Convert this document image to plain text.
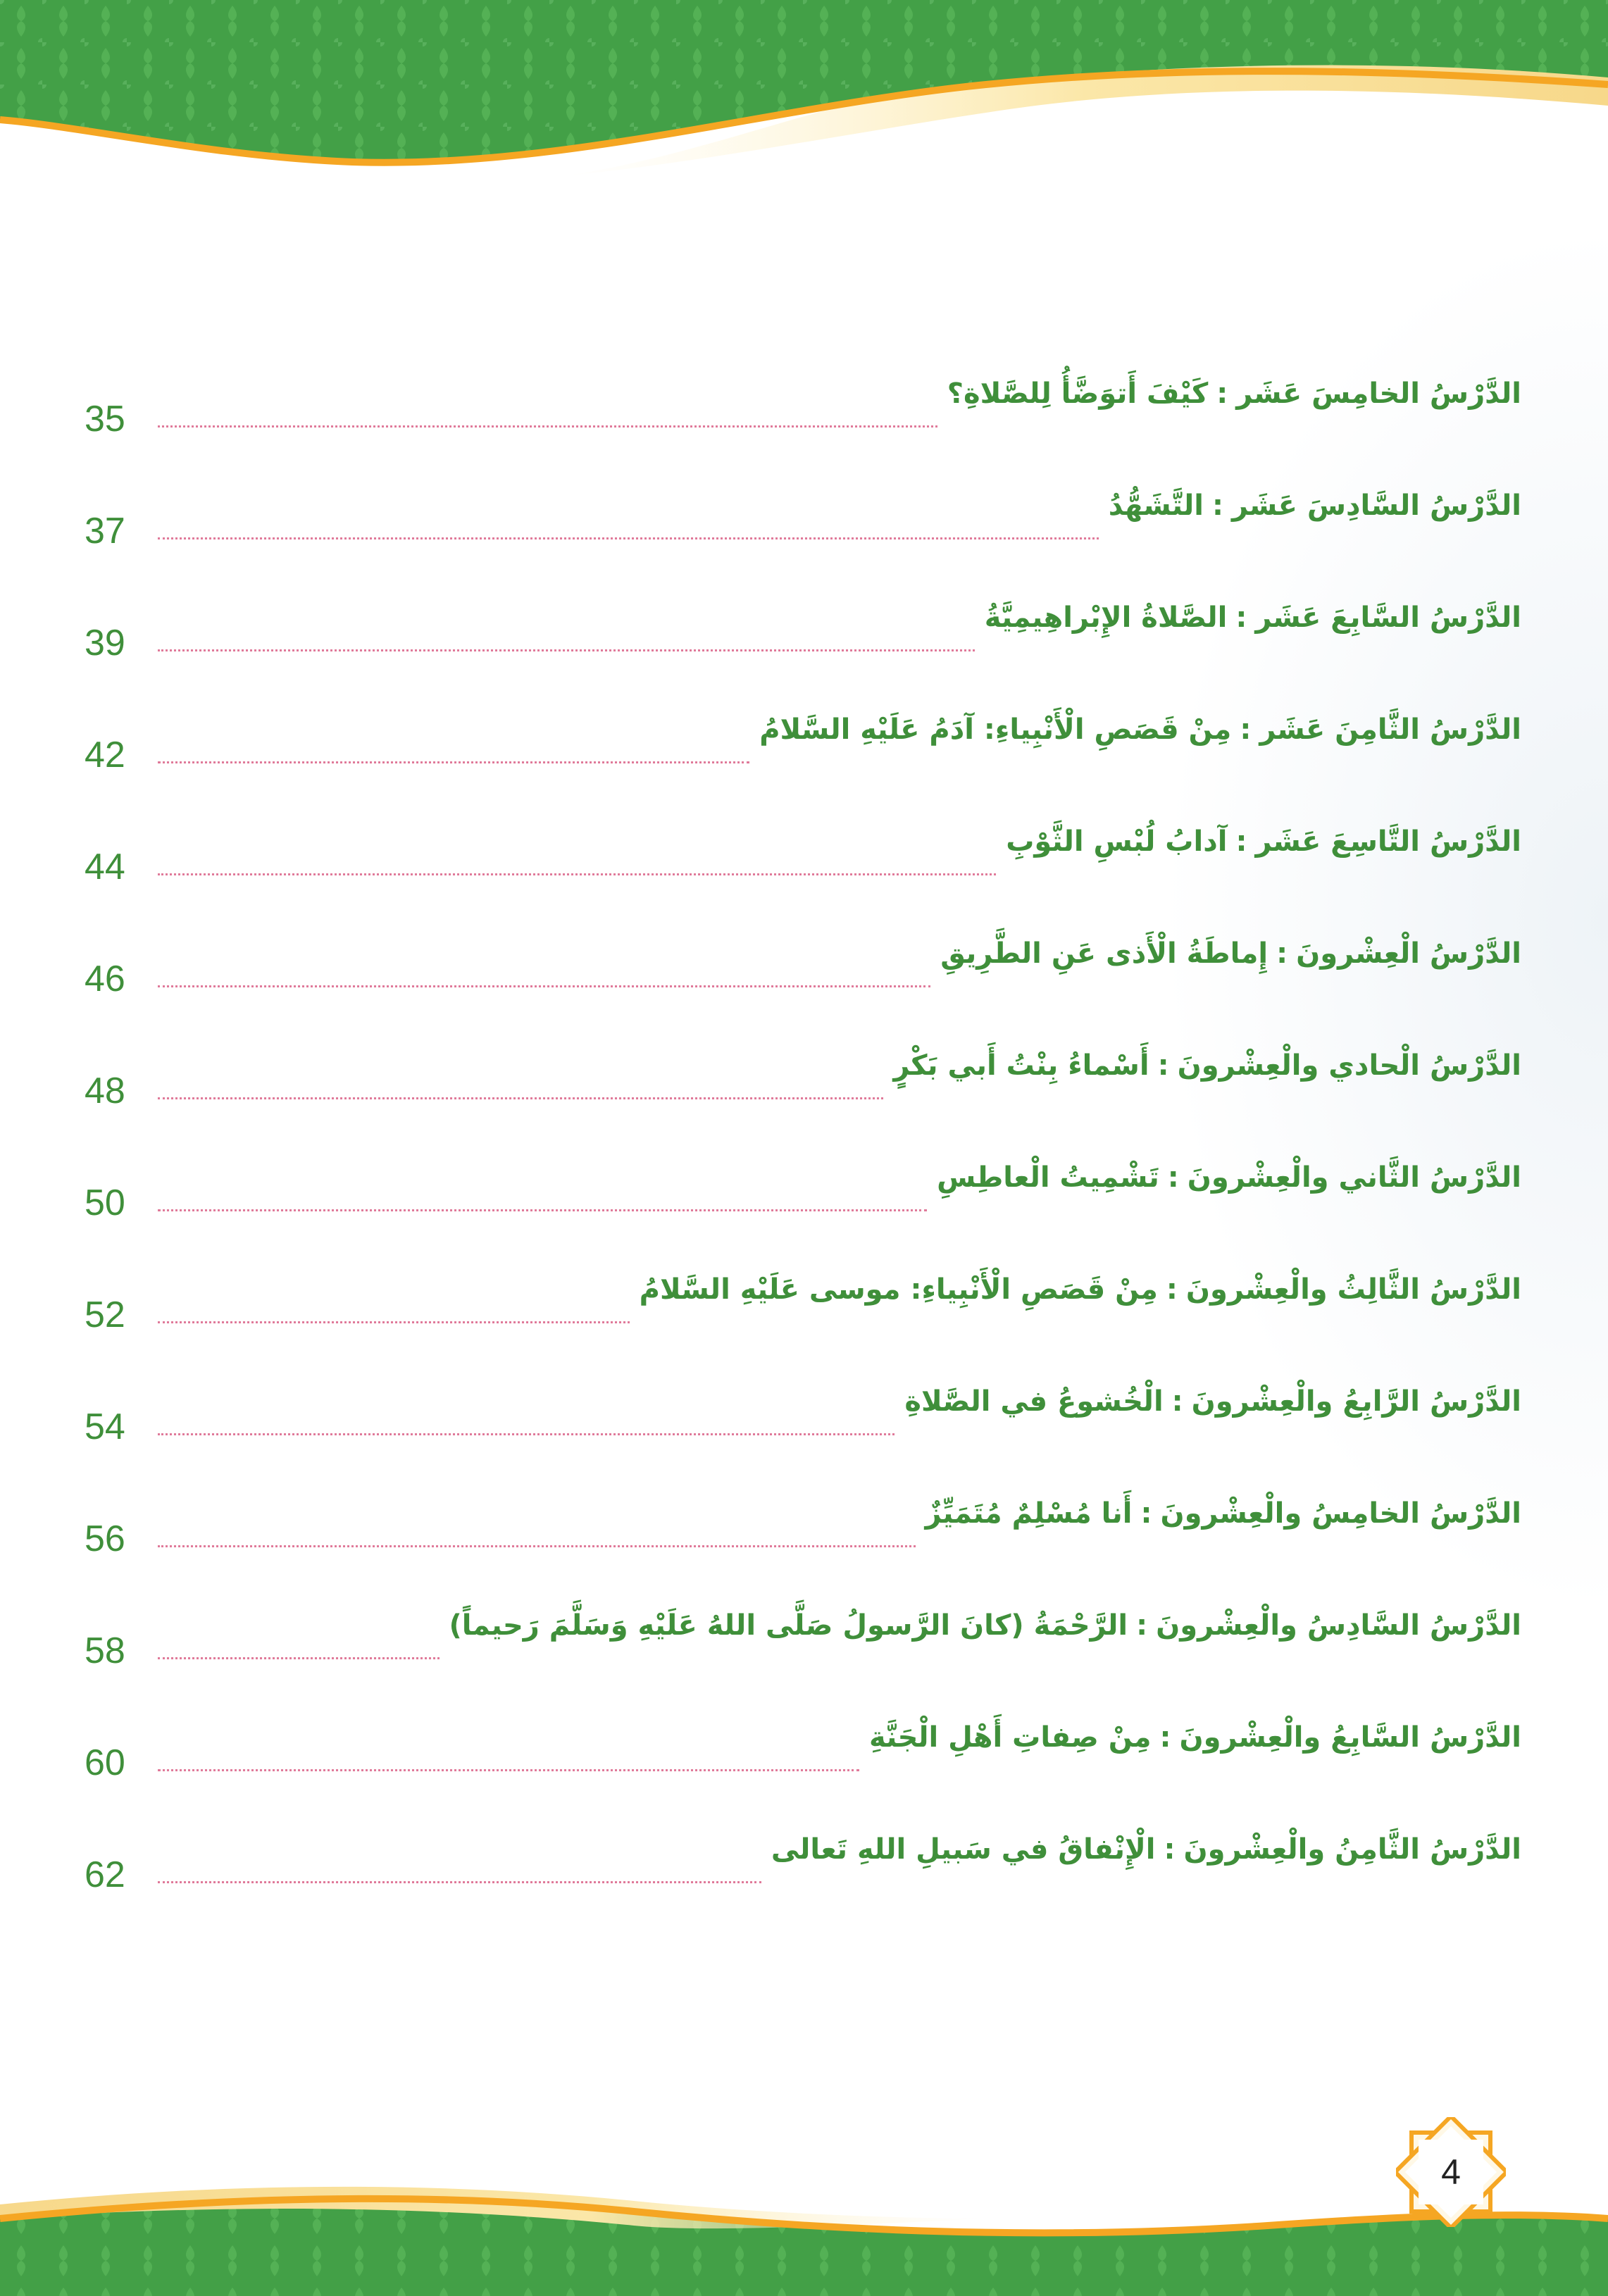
35
الدَّرْسُ الخامِسَ عَشَر:كَيْفَ أَتوَضَّأُ لِلصَّلاةِ؟
37
الدَّرْسُ السَّادِسَ عَشَر:التَّشَهُّدُ
39
الدَّرْسُ السَّابِعَ عَشَر:الصَّلاةُ الإِبْراهِيمِيَّةُ
42
الدَّرْسُ الثَّامِنَ عَشَر:مِنْ قَصَصِ الْأَنْبِياءِ: آدَمُ عَلَيْهِ السَّلامُ
44
الدَّرْسُ التَّاسِعَ عَشَر:آدابُ لُبْسِ الثَّوْبِ
46
الدَّرْسُ الْعِشْرونَ:إِماطَةُ الْأَذى عَنِ الطَّرِيقِ
48
الدَّرْسُ الْحادي والْعِشْرونَ:أَسْماءُ بِنْتُ أَبي بَكْرٍ
50
الدَّرْسُ الثَّاني والْعِشْرونَ:تَشْمِيتُ الْعاطِسِ
52
الدَّرْسُ الثَّالِثُ والْعِشْرونَ:مِنْ قَصَصِ الْأَنْبِياءِ: موسى عَلَيْهِ السَّلامُ
54
الدَّرْسُ الرَّابِعُ والْعِشْرونَ:الْخُشوعُ في الصَّلاةِ
56
الدَّرْسُ الخامِسُ والْعِشْرونَ:أَنا مُسْلِمٌ مُتَمَيِّزٌ
58
الدَّرْسُ السَّادِسُ والْعِشْرونَ:الرَّحْمَةُ (كانَ الرَّسولُ صَلَّى اللهُ عَلَيْهِ وَسَلَّمَ رَحيماً)
60
الدَّرْسُ السَّابِعُ والْعِشْرونَ:مِنْ صِفاتِ أَهْلِ الْجَنَّةِ
62
الدَّرْسُ الثَّامِنُ والْعِشْرونَ:الْإِنْفاقُ في سَبيلِ اللهِ تَعالى
4
